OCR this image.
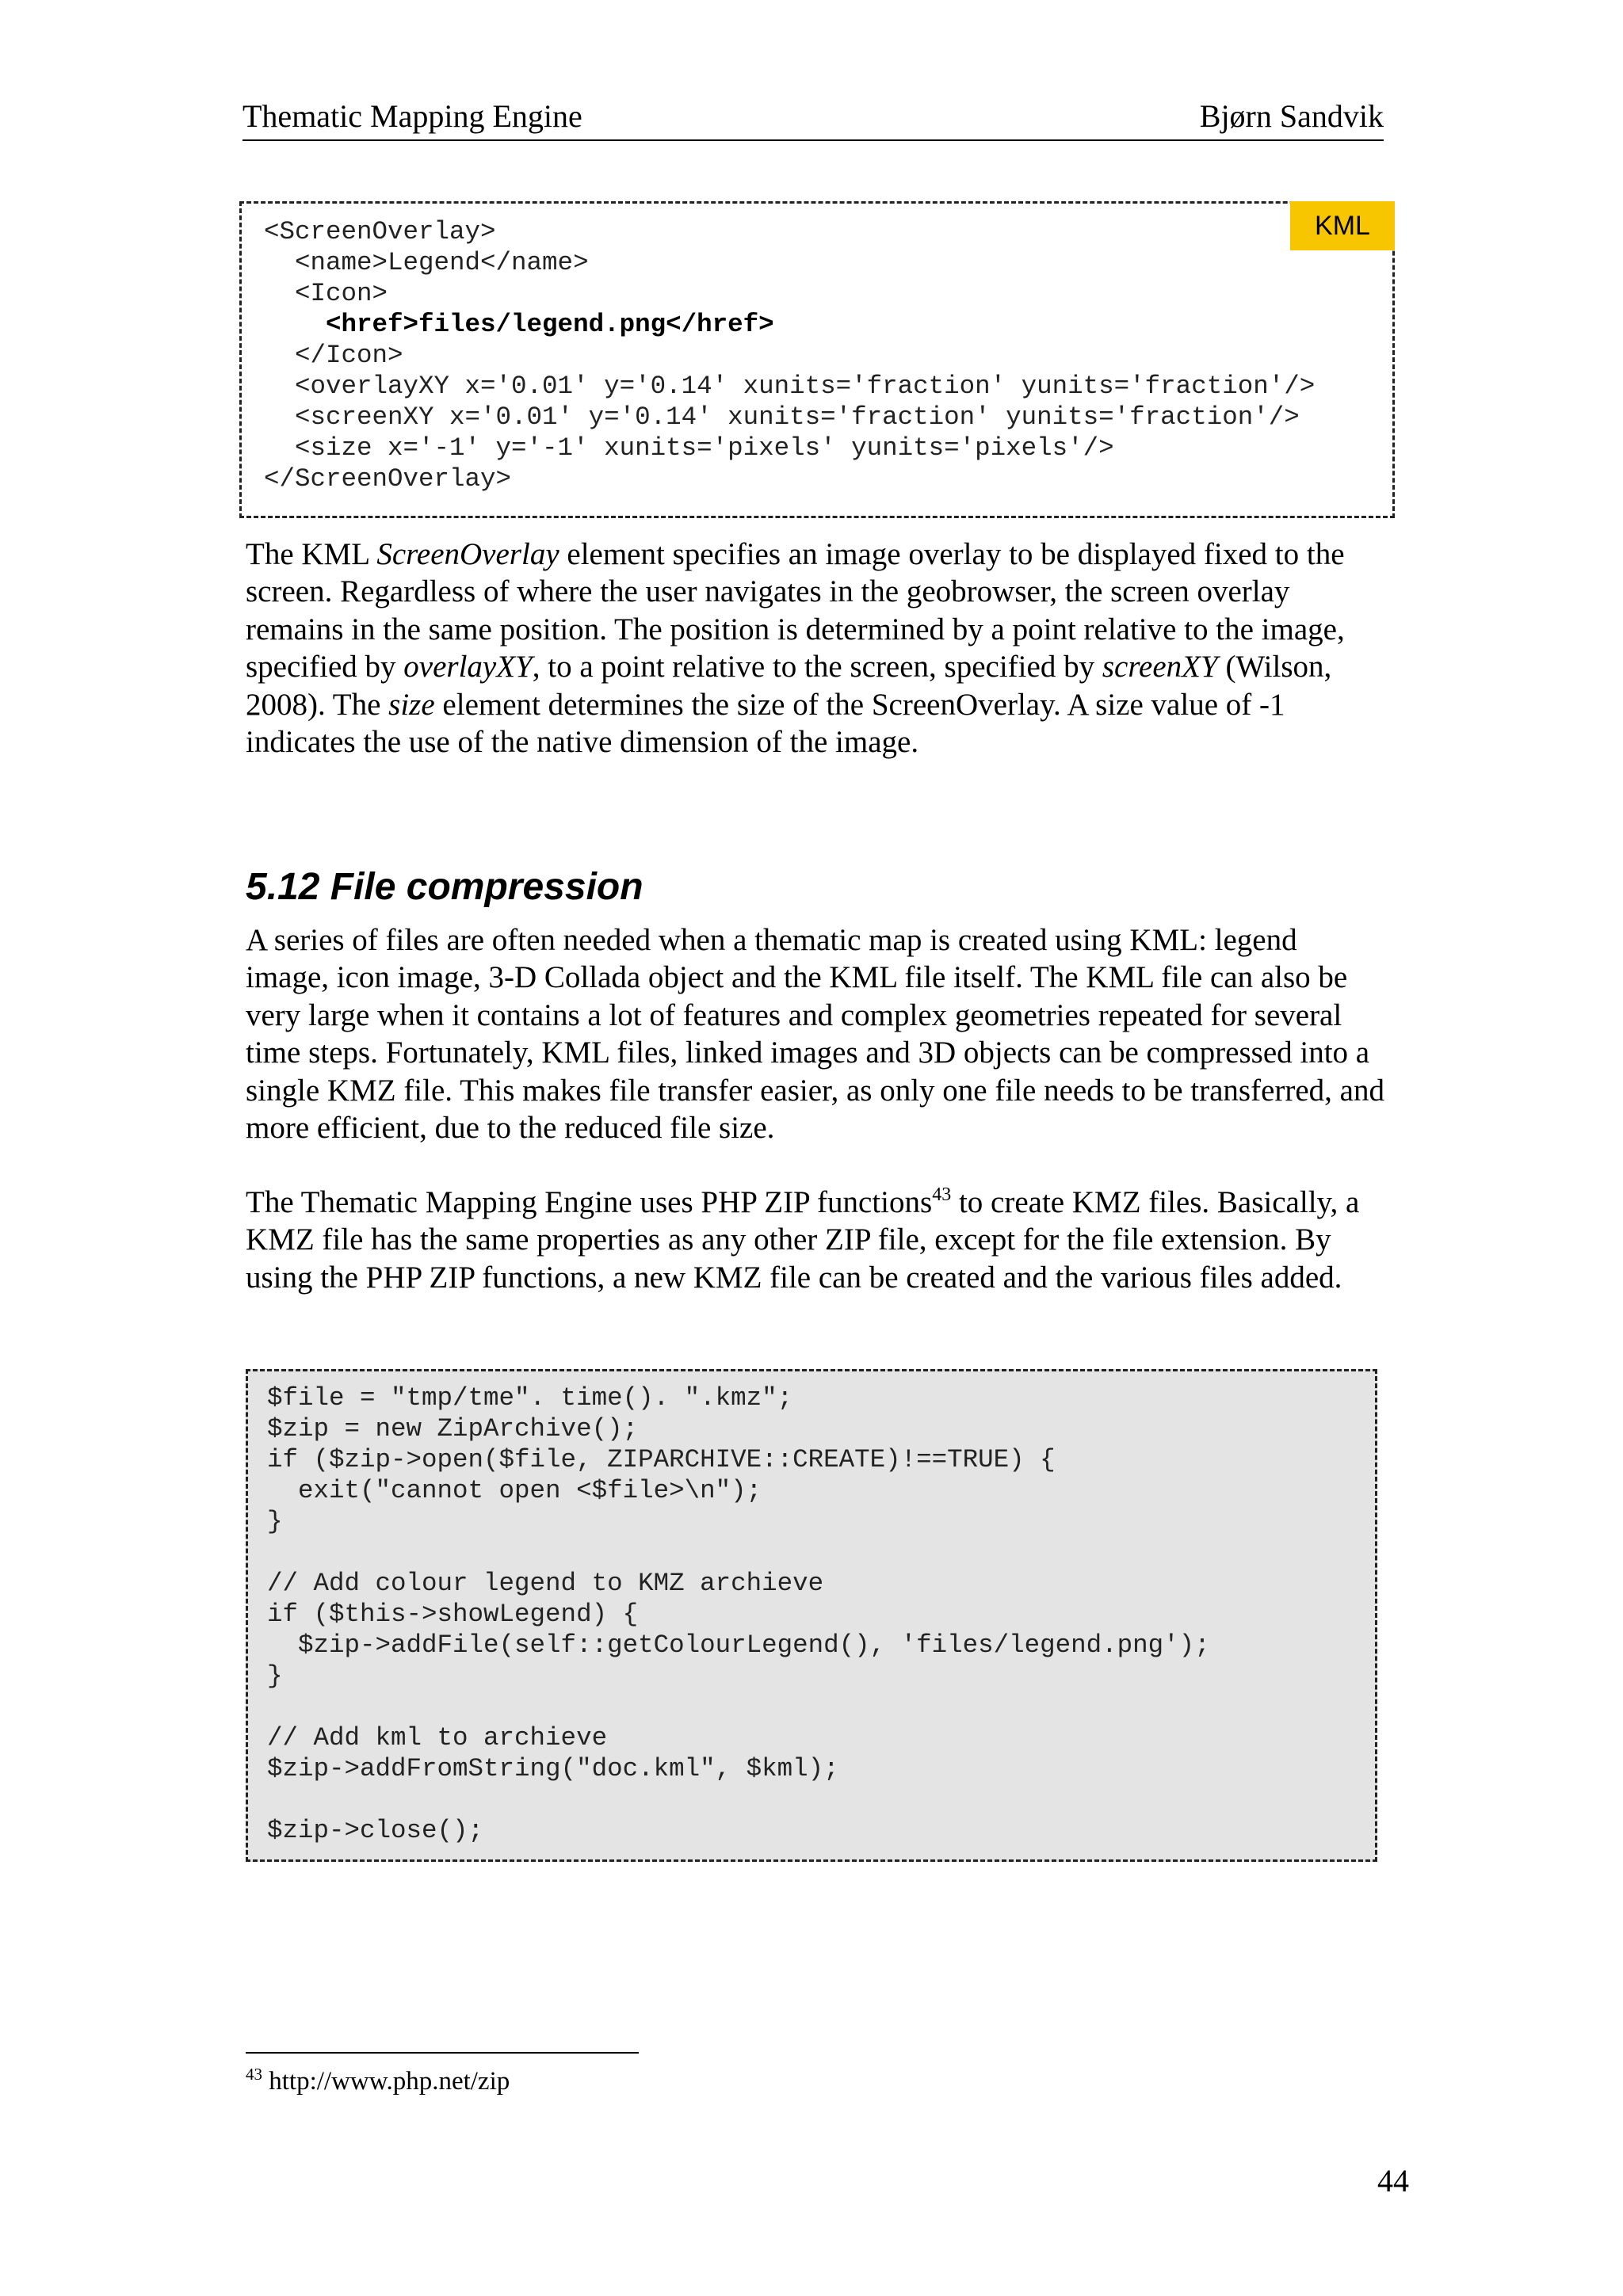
Thematic Mapping Engine	Bjørn Sandvik
KML
<ScreenOverlay>
<name>Legend</name>
<Icon>
<href>files/legend.png</href>
</Icon>
<overlayXY x='0.01' y='0.14' xunits='fraction' yunits='fraction'/>
<screenXY x='0.01' y='0.14' xunits='fraction' yunits='fraction'/>
<size x='-1' y='-1' xunits='pixels' yunits='pixels'/>
</ScreenOverlay>

The KML ScreenOverlay element specifies an image overlay to be displayed fixed to the screen. Regardless of where the user navigates in the geobrowser, the screen overlay remains in the same position. The position is determined by a point relative to the image, specified by overlayXY, to a point relative to the screen, specified by screenXY (Wilson, 2008). The size element determines the size of the ScreenOverlay. A size value of -1 indicates the use of the native dimension of the image.

5.12 File compression

A series of files are often needed when a thematic map is created using KML: legend image, icon image, 3-D Collada object and the KML file itself. The KML file can also be very large when it contains a lot of features and complex geometries repeated for several time steps. Fortunately, KML files, linked images and 3D objects can be compressed into a single KMZ file. This makes file transfer easier, as only one file needs to be transferred, and more efficient, due to the reduced file size.

The Thematic Mapping Engine uses PHP ZIP functions$^{43}$ to create KMZ files. Basically, a KMZ file has the same properties as any other ZIP file, except for the file extension. By using the PHP ZIP functions, a new KMZ file can be created and the various files added.

$file = "tmp/tme". time(). ".kmz";
$zip = new ZipArchive();
if ($zip->open($file, ZIPARCHIVE::CREATE)!==TRUE) {
exit("cannot open <$file>\n");
}

// Add colour legend to KMZ archieve
if ($this->showLegend) {
$zip->addFile(self::getColourLegend(), 'files/legend.png');
}

// Add kml to archieve
$zip->addFromString("doc.kml", $kml);

$zip->close();
$^{43}$ http://www.php.net/zip
44
